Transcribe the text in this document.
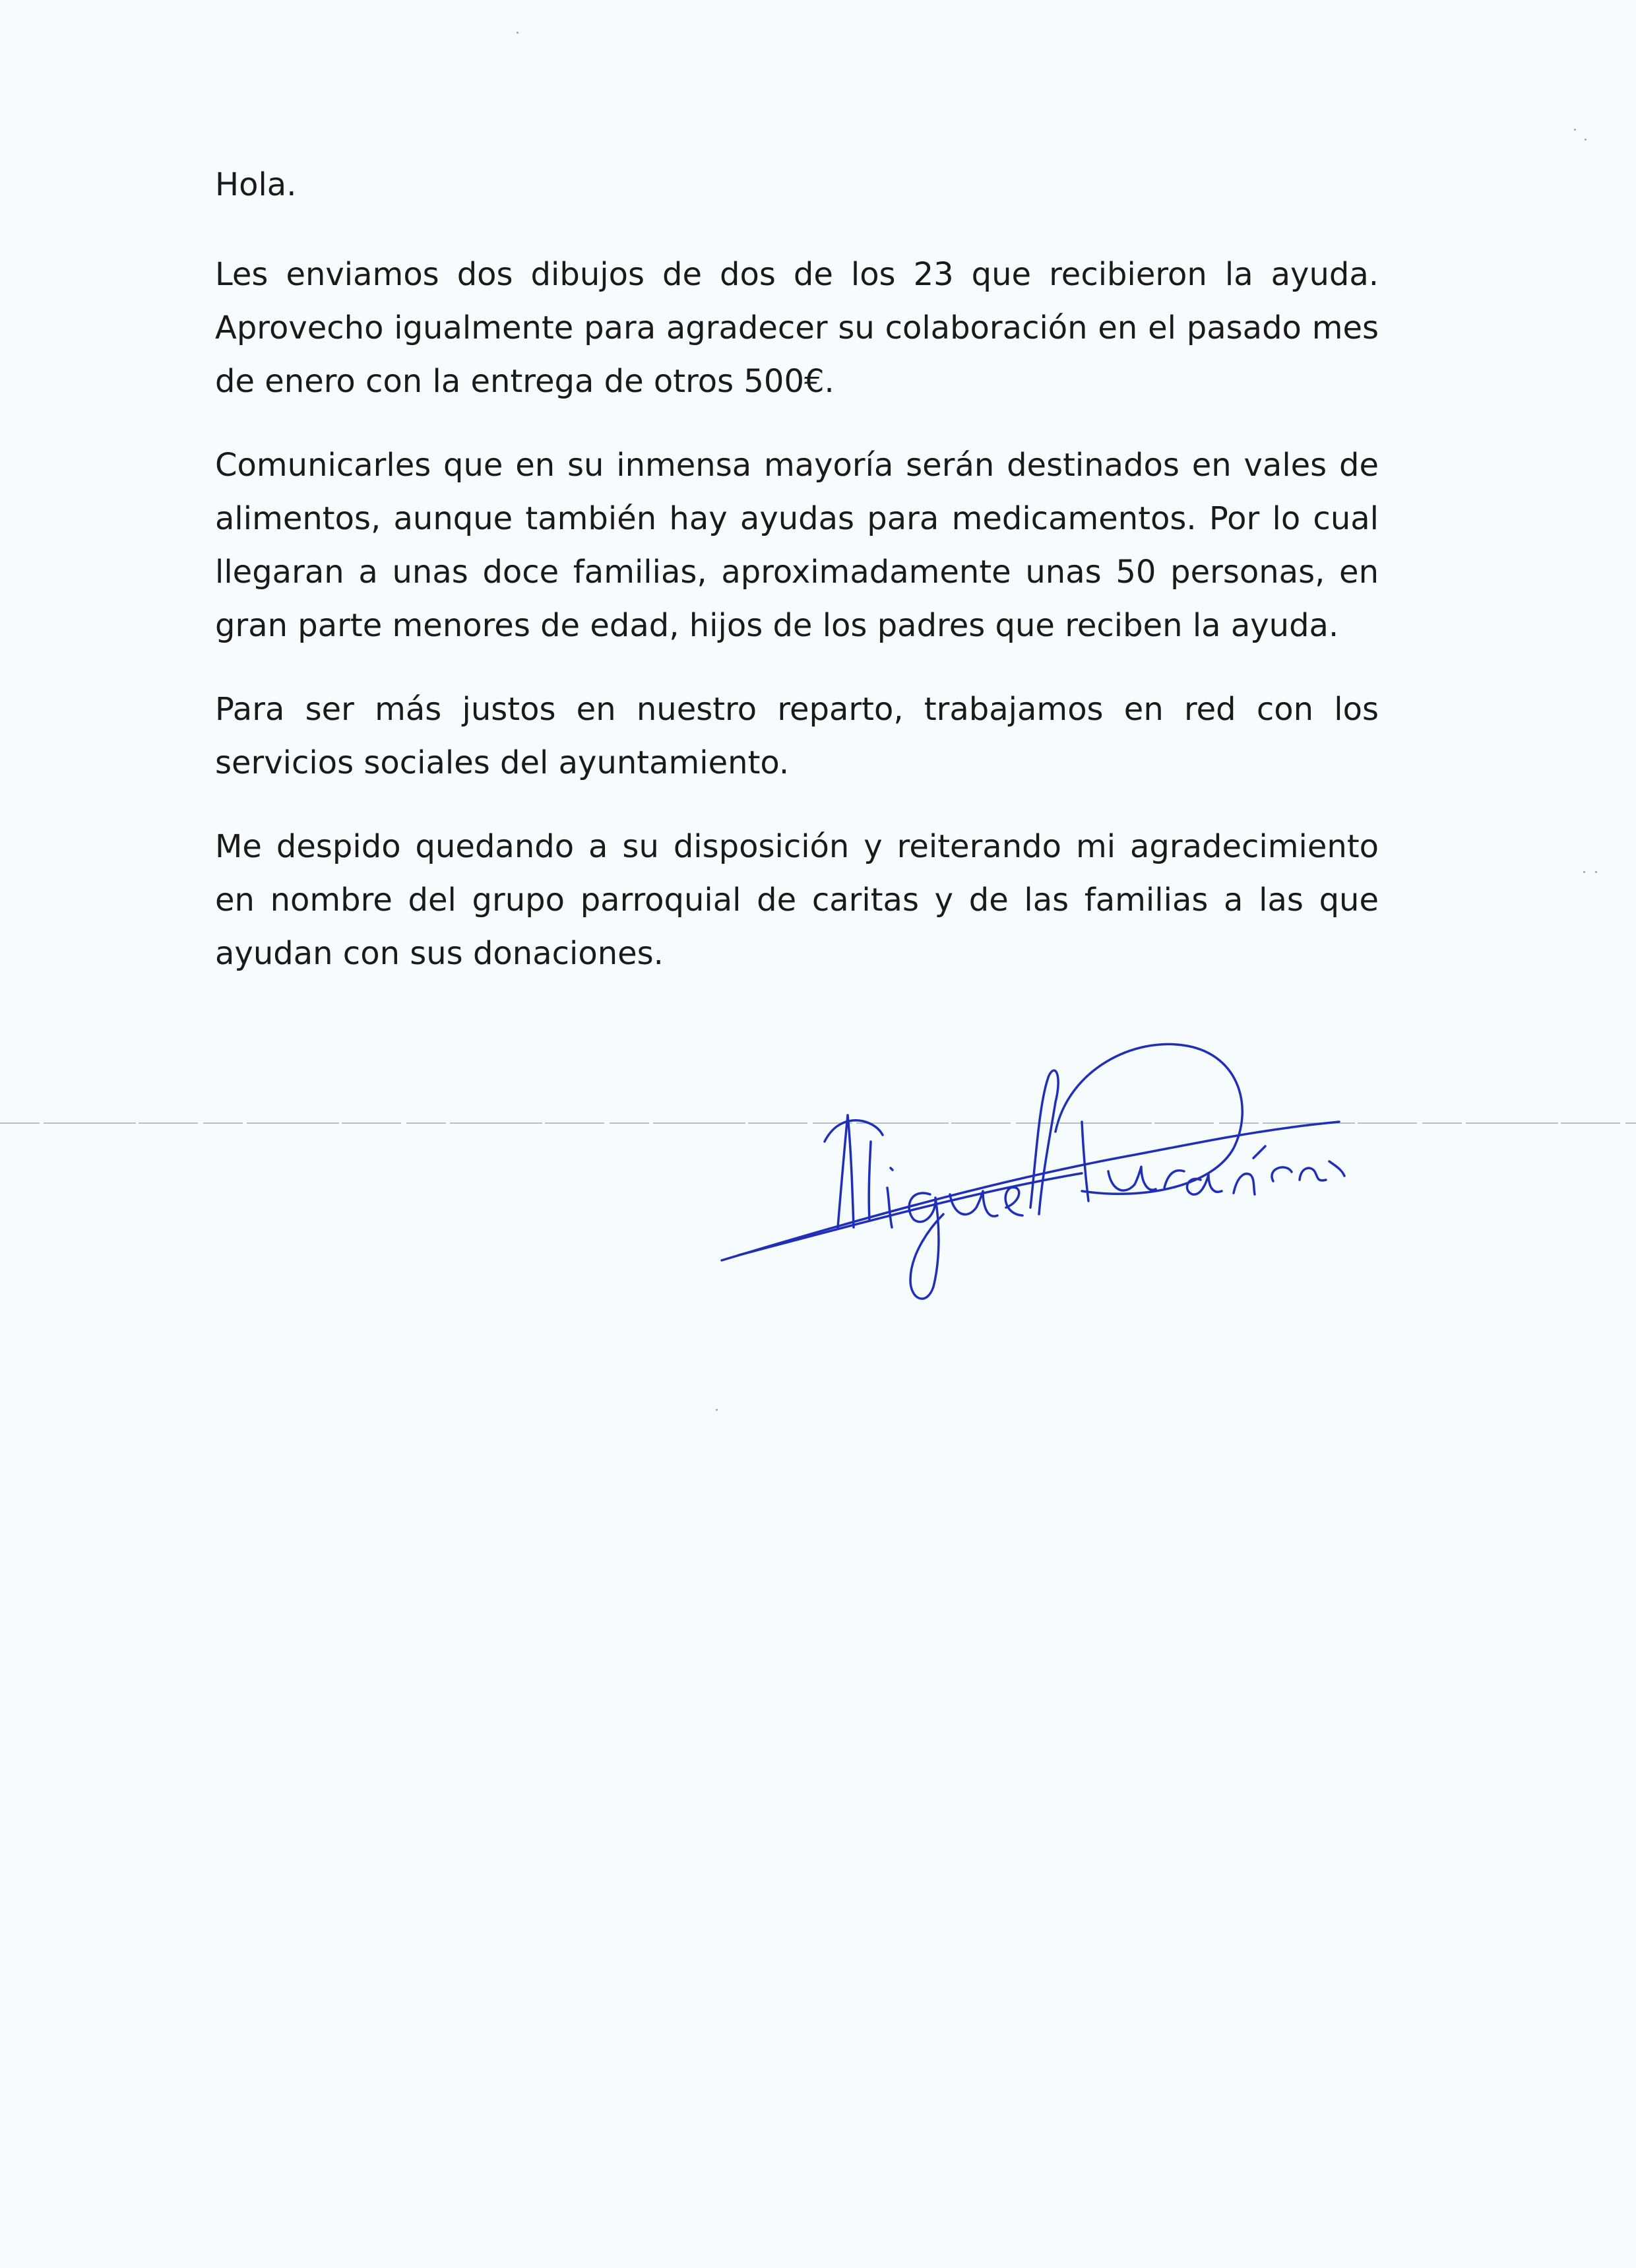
Hola.

Les enviamos dos dibujos de dos de los 23 que recibieron la ayuda. Aprovecho igualmente para agradecer su colaboración en el pasado mes de enero con la entrega de otros 500€.

Comunicarles que en su inmensa mayoría serán destinados en vales de alimentos, aunque también hay ayudas para medicamentos. Por lo cual llegaran a unas doce familias, aproximadamente unas 50 personas, en gran parte menores de edad, hijos de los padres que reciben la ayuda.

Para ser más justos en nuestro reparto, trabajamos en red con los servicios sociales del ayuntamiento.

Me despido quedando a su disposición y reiterando mi agradecimiento en nombre del grupo parroquial de caritas y de las familias a las que ayudan con sus donaciones.
